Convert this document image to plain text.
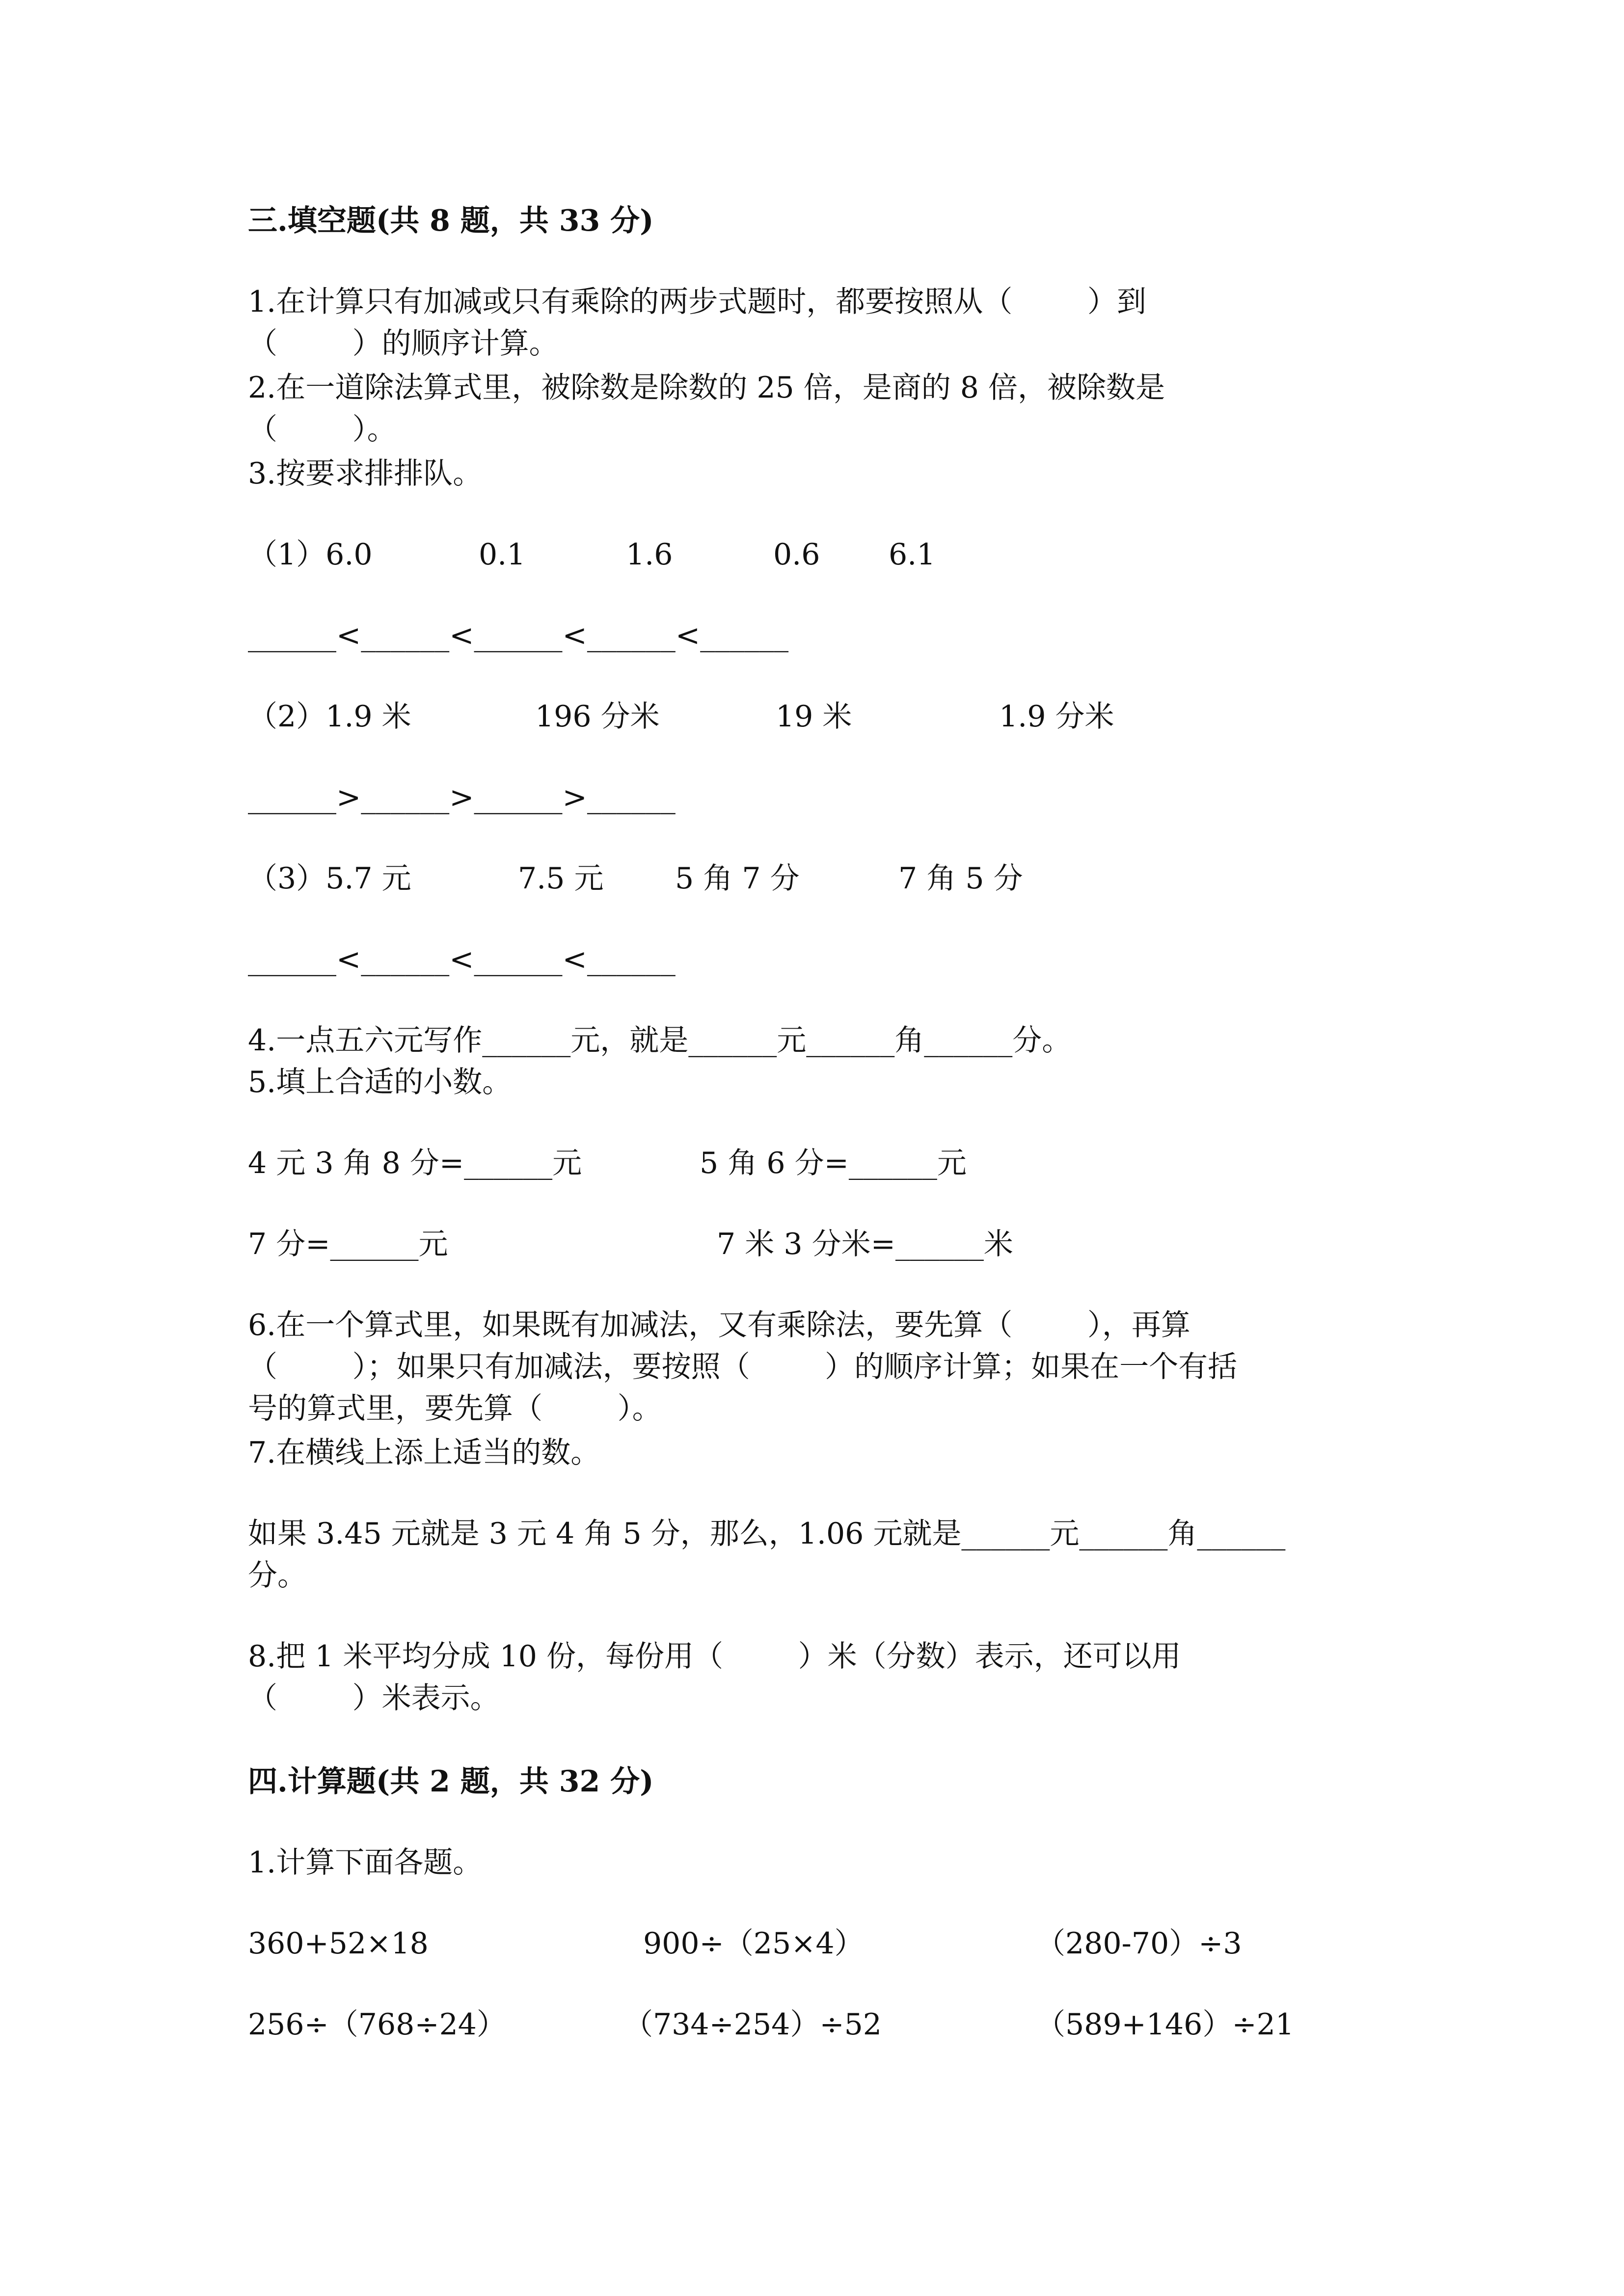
三.填空题(共 8 题，共 33 分)
1.在计算只有加减或只有乘除的两步式题时，都要按照从（        ）到
（        ）的顺序计算。
2.在一道除法算式里，被除数是除数的 25 倍，是商的 8 倍，被除数是
（        ）。
3.按要求排排队。
（1）6.0	0.1	1.6	0.6 6.1
______<______<______<______<______
（2）1.9 米	196 分米	19 米	1.9 分米
______>______>______>______
（3）5.7 元	7.5 元 5 角 7 分	7 角 5 分
______<______<______<______
4.一点五六元写作______元，就是______元______角______分。
5.填上合适的小数。
4 元 3 角 8 分=______元	5 角 6 分=______元
7 分=______元	7 米 3 分米=______米
6.在一个算式里，如果既有加减法，又有乘除法，要先算（        ），再算
（        ）；如果只有加减法，要按照（        ）的顺序计算；如果在一个有括
号的算式里，要先算（        ）。
7.在横线上添上适当的数。
如果 3.45 元就是 3 元 4 角 5 分，那么，1.06 元就是______元______角______
分。
8.把 1 米平均分成 10 份，每份用（        ）米（分数）表示，还可以用
（        ）米表示。
四.计算题(共 2 题，共 32 分)
1.计算下面各题。
360+52×18	900÷（25×4）	（280-70）÷3
256÷（768÷24）	（734÷254）÷52	（589+146）÷21
